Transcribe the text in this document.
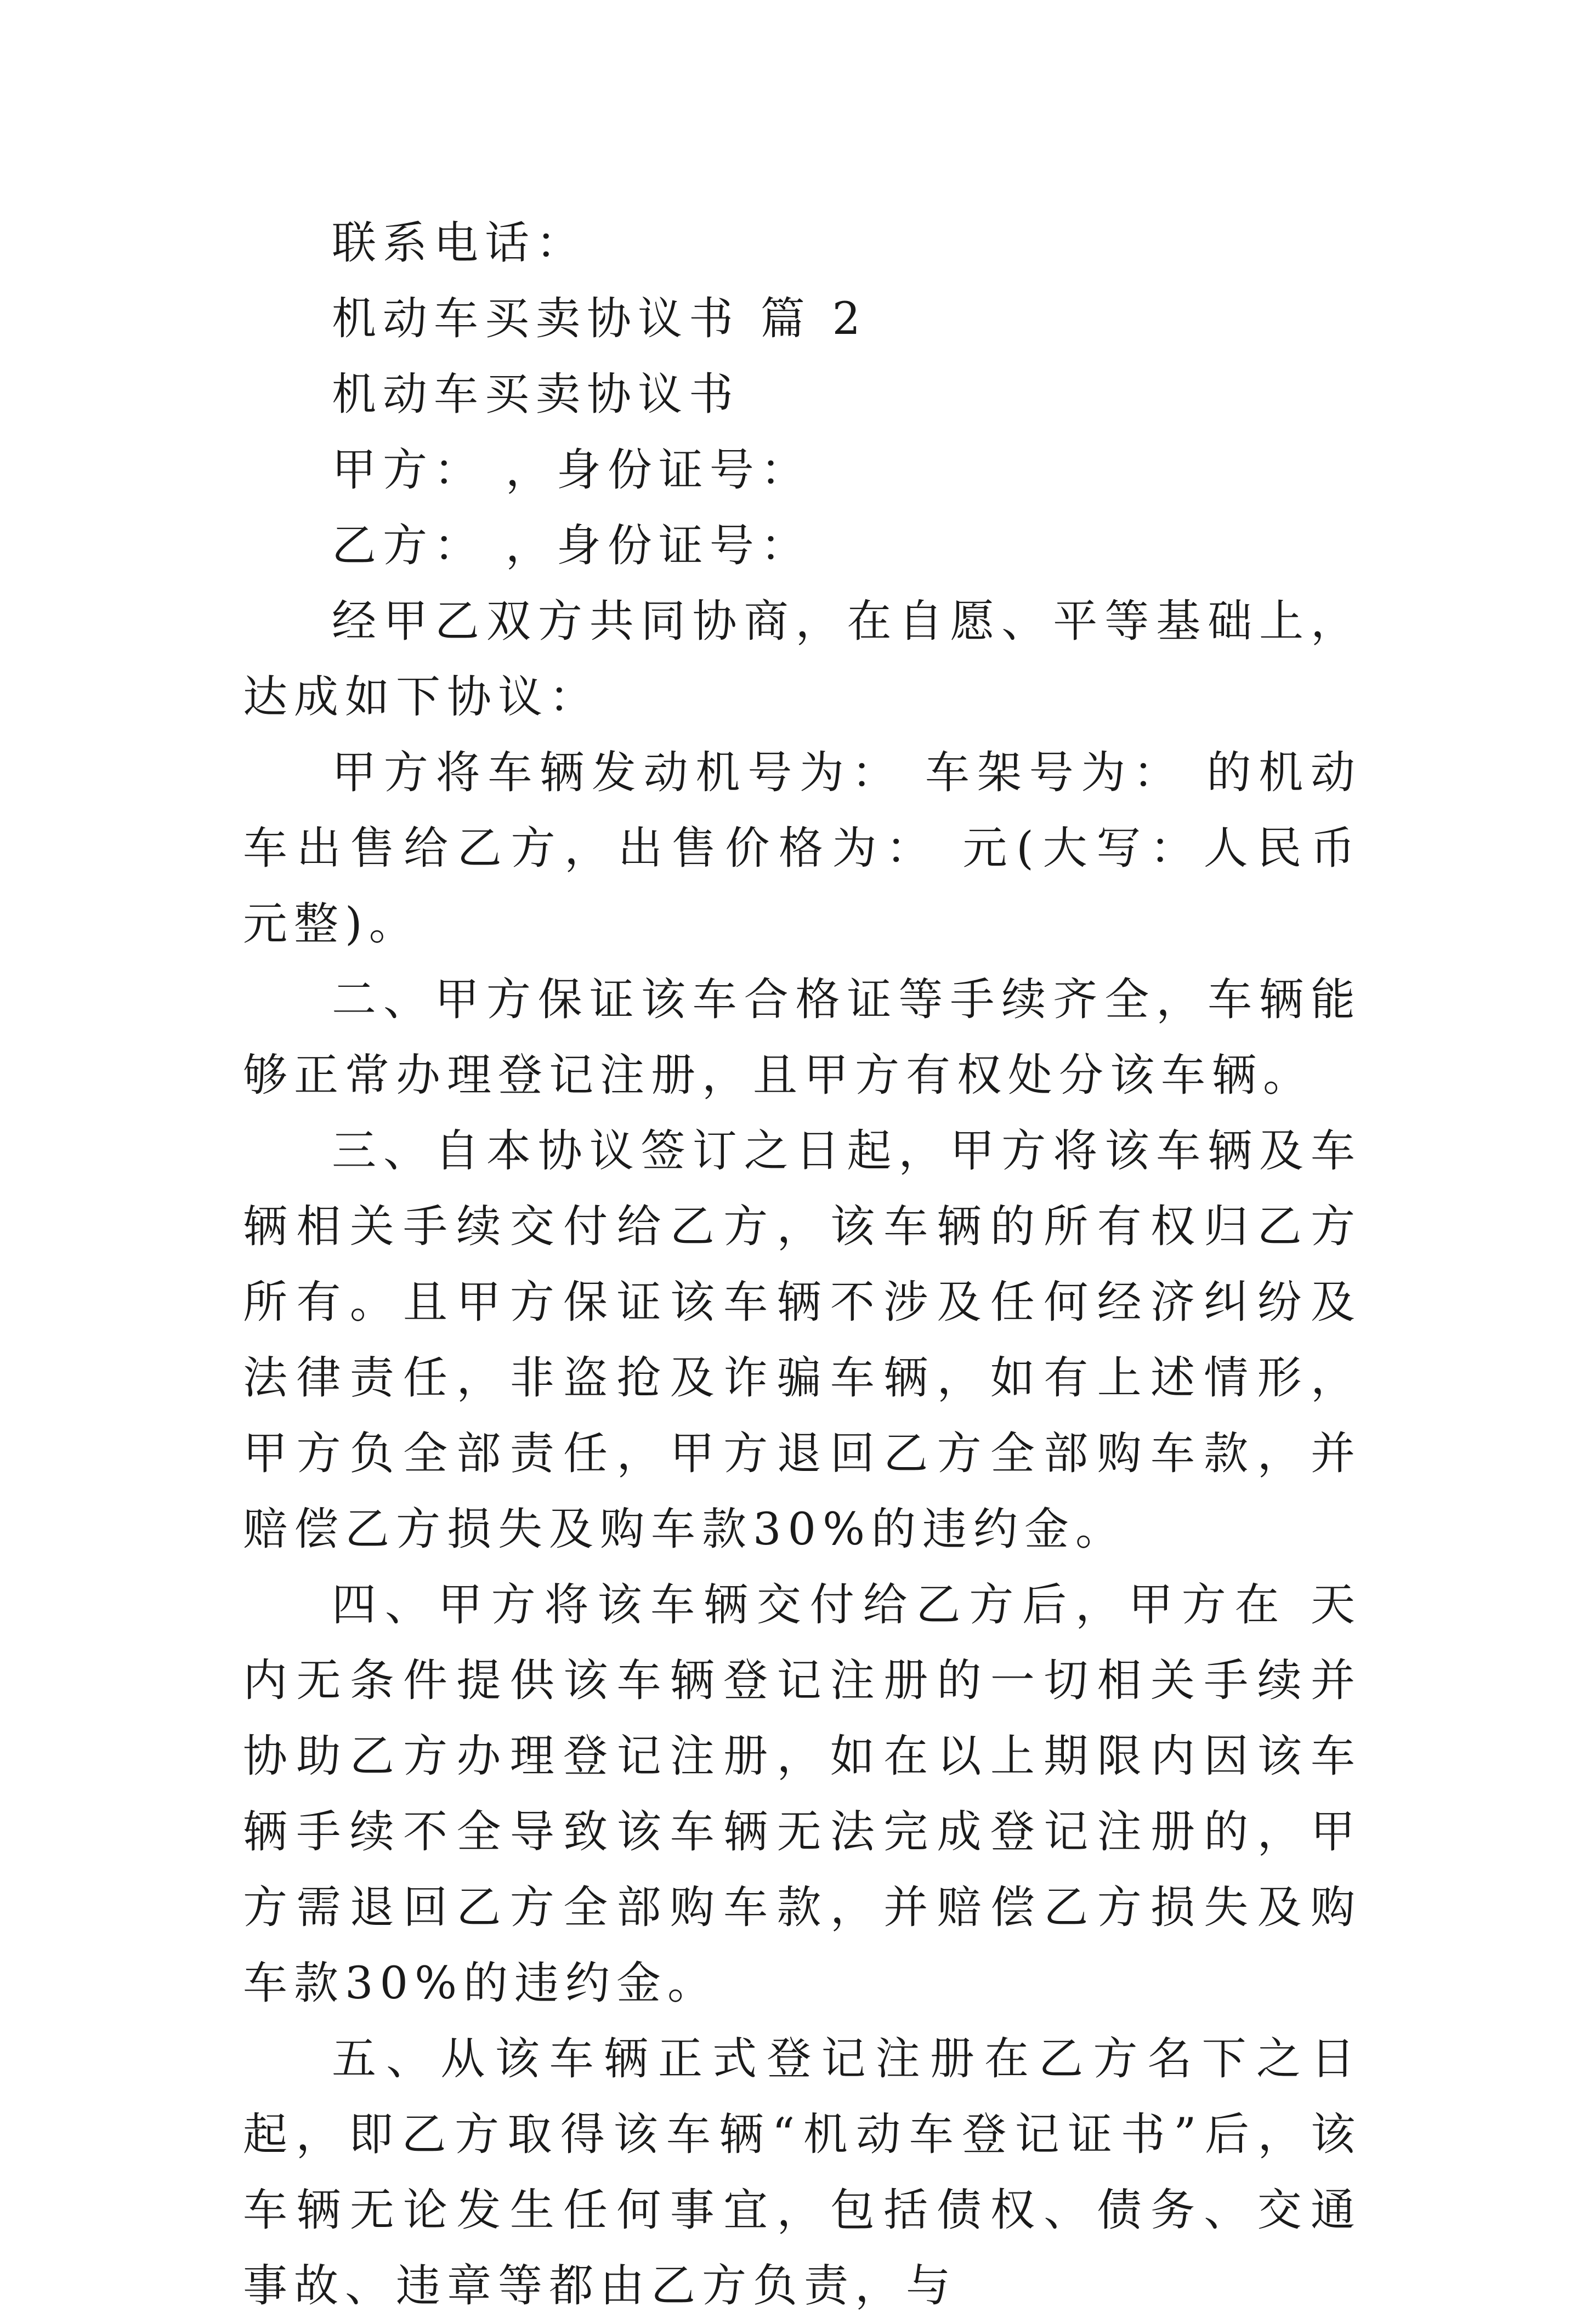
联系电话：

机动车买卖协议书 篇 2

机动车买卖协议书

甲方： ，身份证号：

乙方： ，身份证号：

经甲乙双方共同协商，在自愿、平等基础上，达成如下协议：

甲方将车辆发动机号为： 车架号为： 的机动车出售给乙方，出售价格为： 元(大写：人民币 元整)。

二、甲方保证该车合格证等手续齐全，车辆能够正常办理登记注册，且甲方有权处分该车辆。

三、自本协议签订之日起，甲方将该车辆及车辆相关手续交付给乙方，该车辆的所有权归乙方所有。且甲方保证该车辆不涉及任何经济纠纷及法律责任，非盗抢及诈骗车辆，如有上述情形，甲方负全部责任，甲方退回乙方全部购车款，并赔偿乙方损失及购车款30%的违约金。

四、甲方将该车辆交付给乙方后，甲方在 天内无条件提供该车辆登记注册的一切相关手续并协助乙方办理登记注册，如在以上期限内因该车辆手续不全导致该车辆无法完成登记注册的，甲方需退回乙方全部购车款，并赔偿乙方损失及购车款30%的违约金。

五、从该车辆正式登记注册在乙方名下之日起，即乙方取得该车辆“机动车登记证书”后，该车辆无论发生任何事宜，包括债权、债务、交通事故、违章等都由乙方负责，与
